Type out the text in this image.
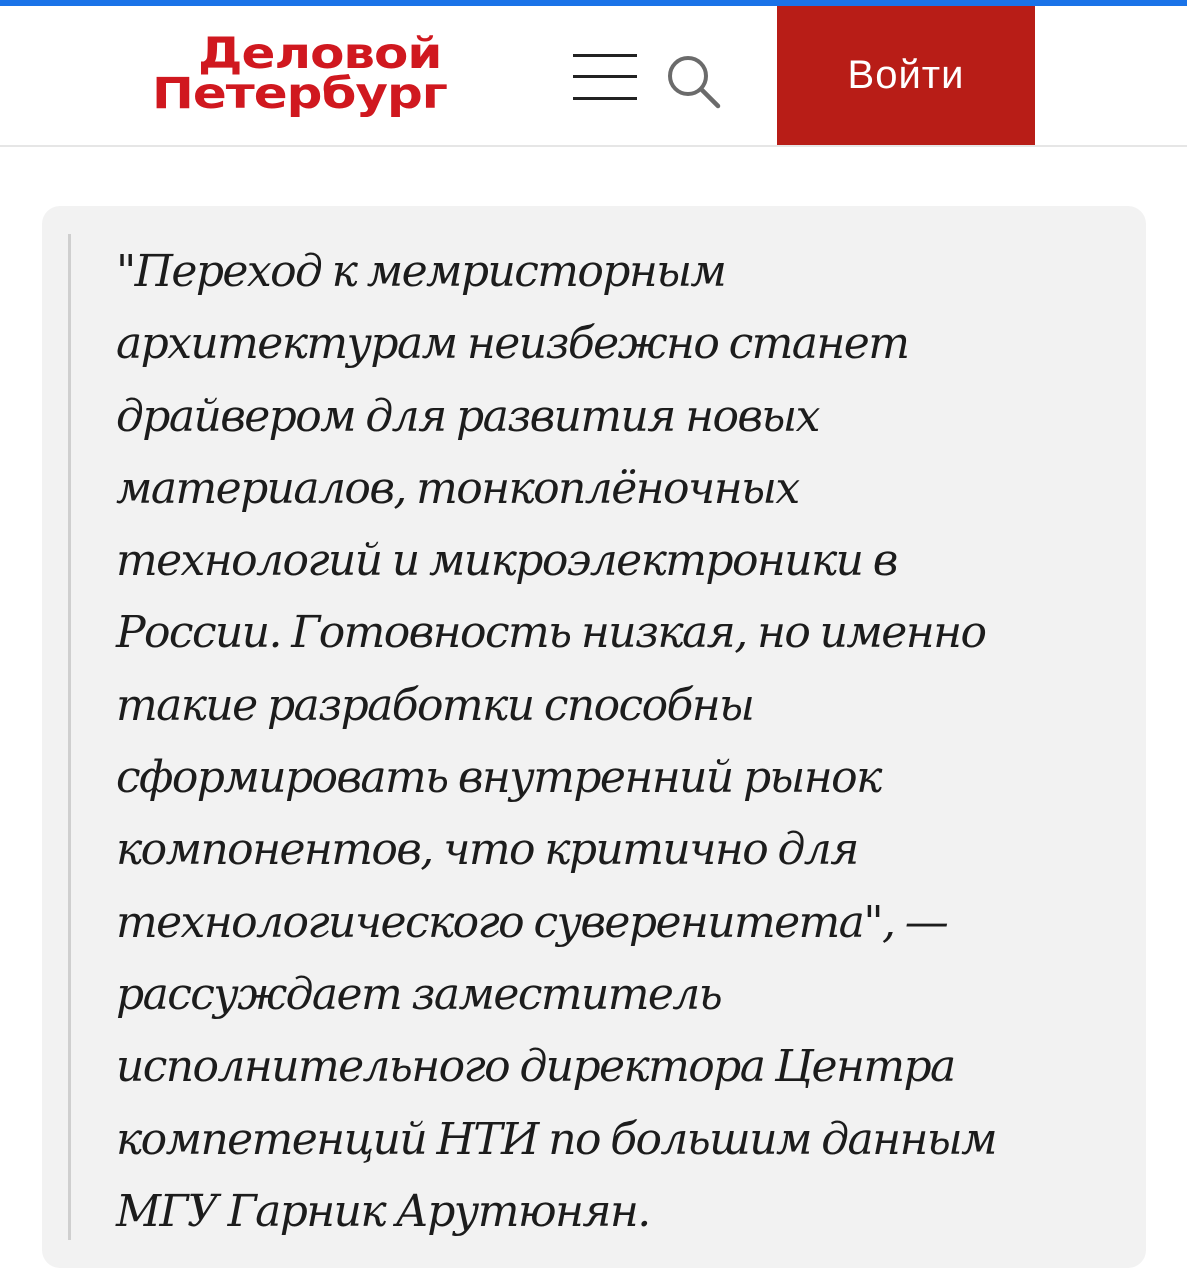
Деловой
Петербург	Войти
"Переход к мемристорным
архитектурам неизбежно станет
драйвером для развития новых
материалов, тонкоплёночных
технологий и микроэлектроники в
России. Готовность низкая, но именно
такие разработки способны
сформировать внутренний рынок
компонентов, что критично для
технологического суверенитета", —
рассуждает заместитель
исполнительного директора Центра
компетенций НТИ по большим данным
МГУ Гарник Арутюнян.
